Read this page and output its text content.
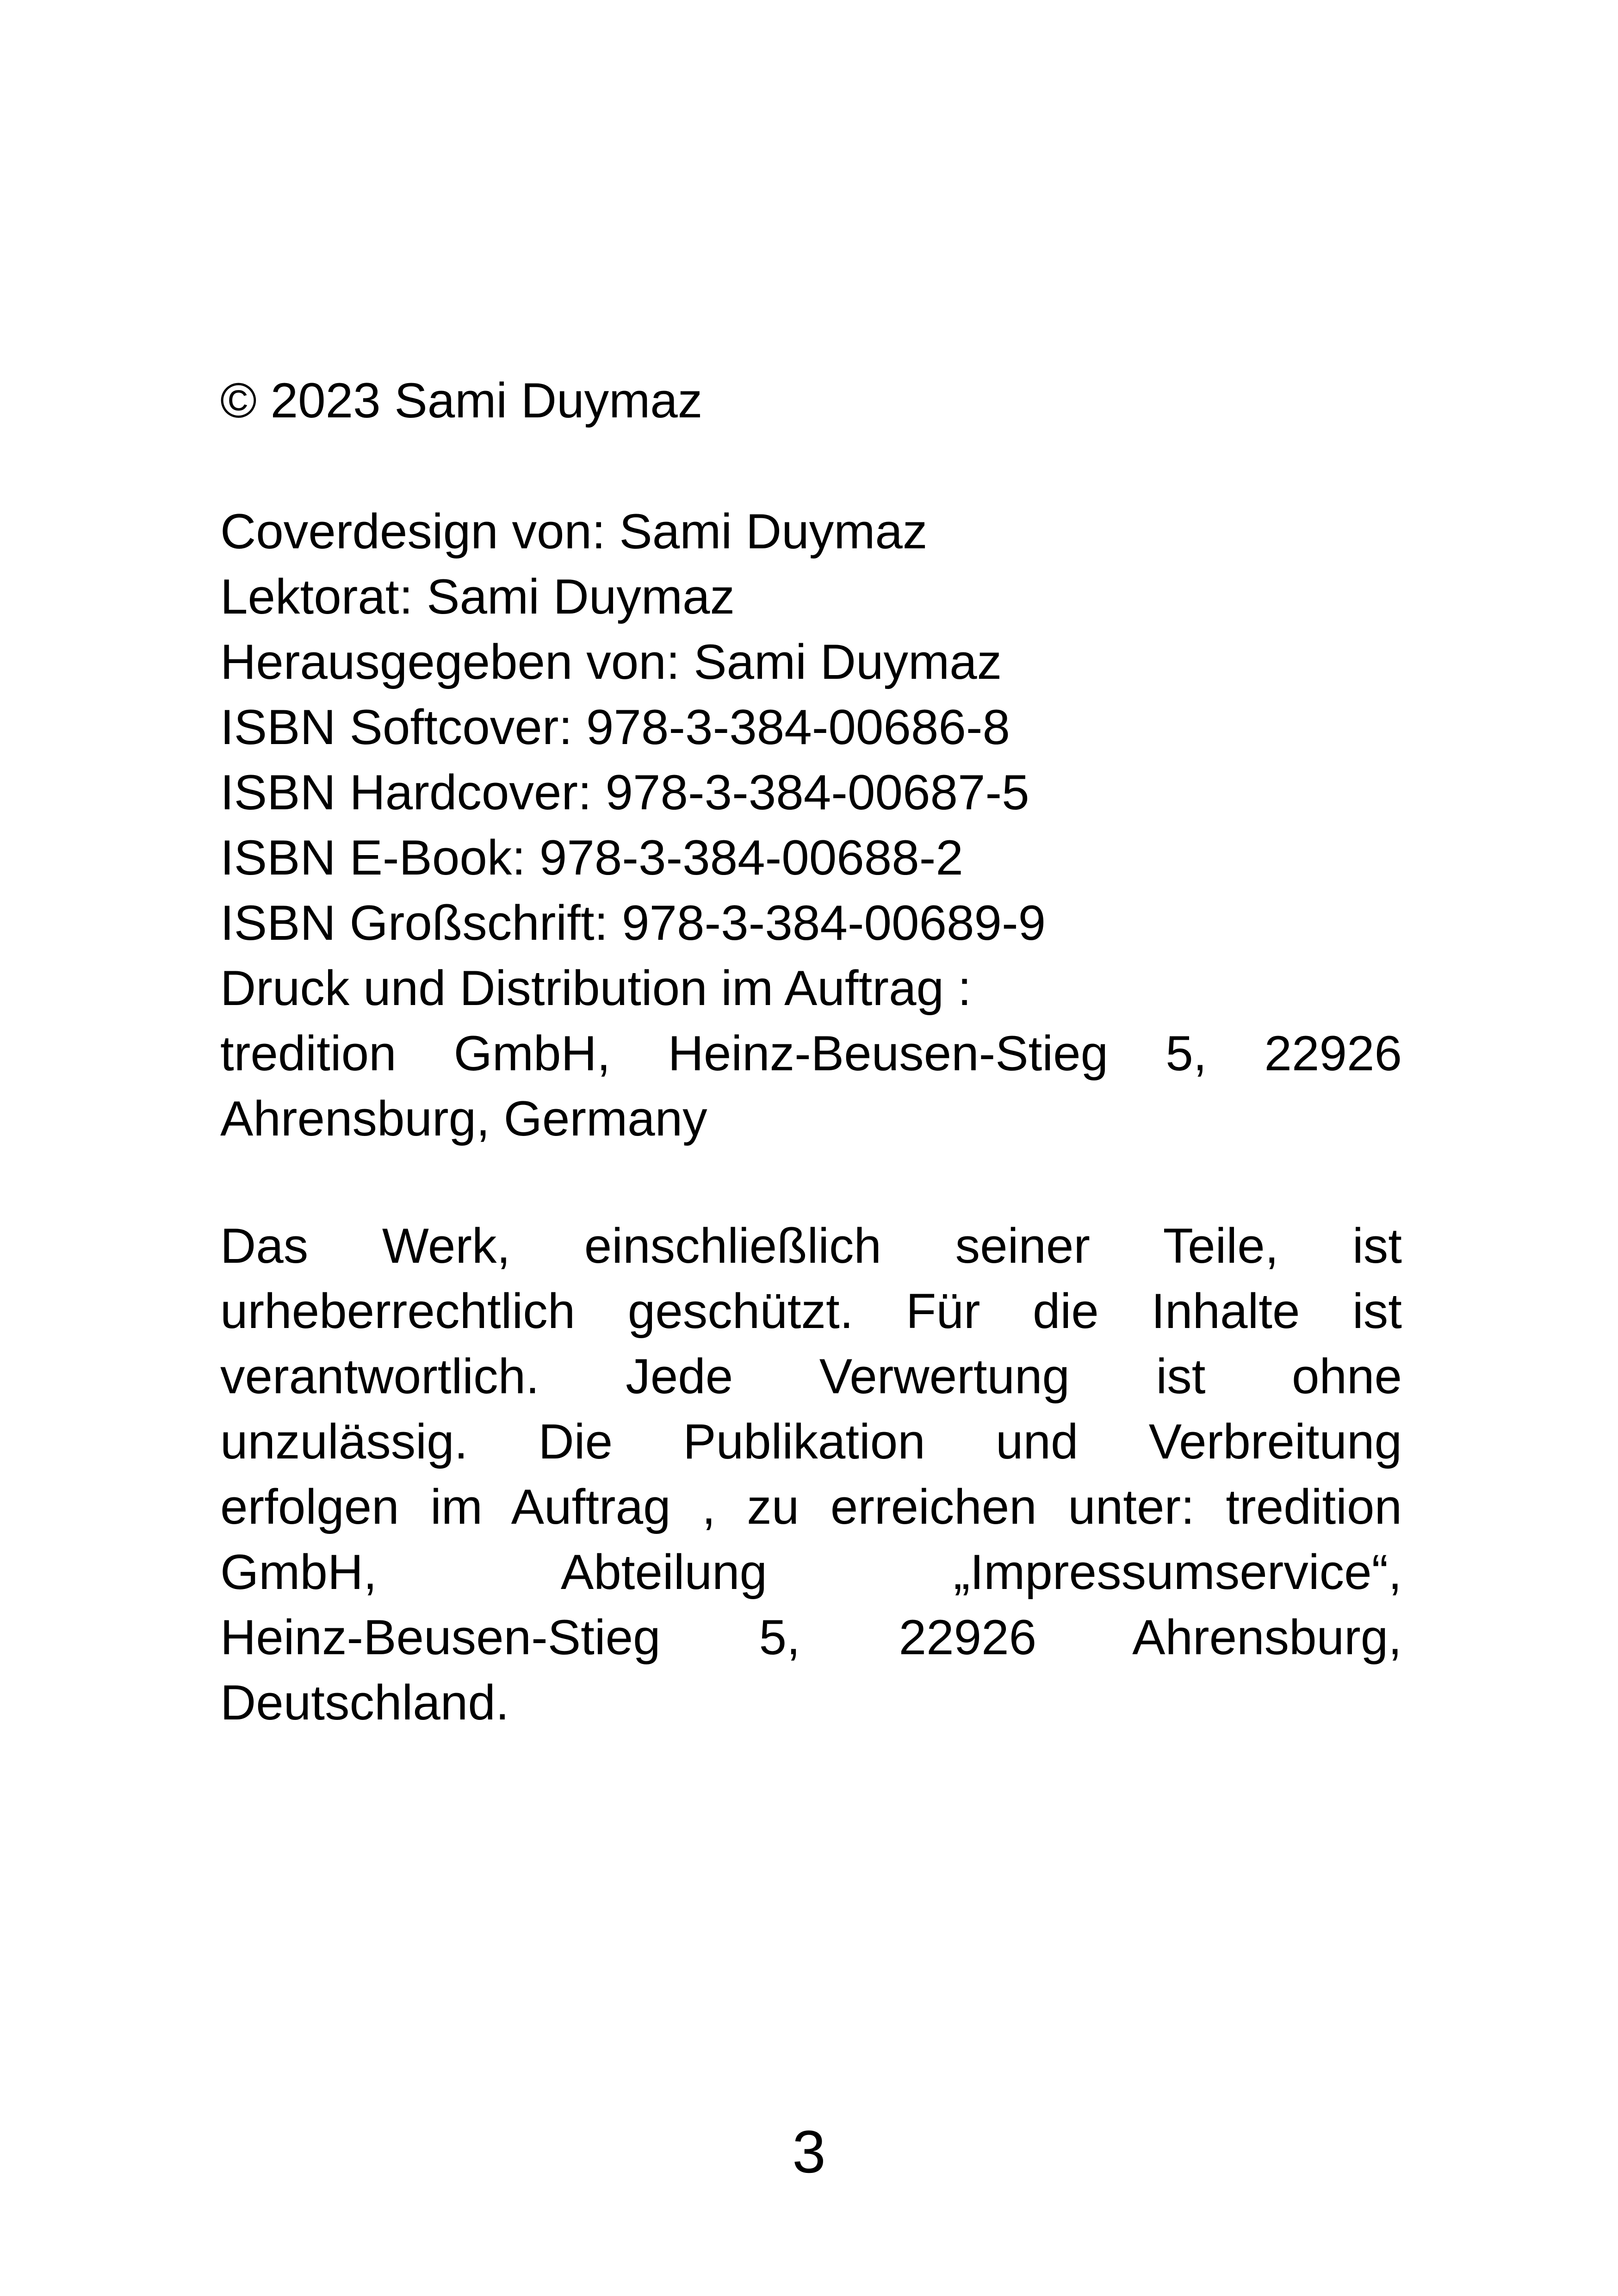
© 2023 Sami Duymaz
Coverdesign von: Sami Duymaz
Lektorat: Sami Duymaz
Herausgegeben von: Sami Duymaz
ISBN Softcover: 978-3-384-00686-8
ISBN Hardcover: 978-3-384-00687-5
ISBN E-Book: 978-3-384-00688-2
ISBN Großschrift: 978-3-384-00689-9
Druck und Distribution im Auftrag :
tredition GmbH, Heinz-Beusen-Stieg 5, 22926
Ahrensburg, Germany
Das Werk, einschließlich seiner Teile, ist
urheberrechtlich geschützt. Für die Inhalte ist
verantwortlich. Jede Verwertung ist ohne
unzulässig. Die Publikation und Verbreitung
erfolgen im Auftrag , zu erreichen unter: tredition
GmbH, Abteilung „Impressumservice“,
Heinz-Beusen-Stieg 5, 22926 Ahrensburg,
Deutschland.
3
